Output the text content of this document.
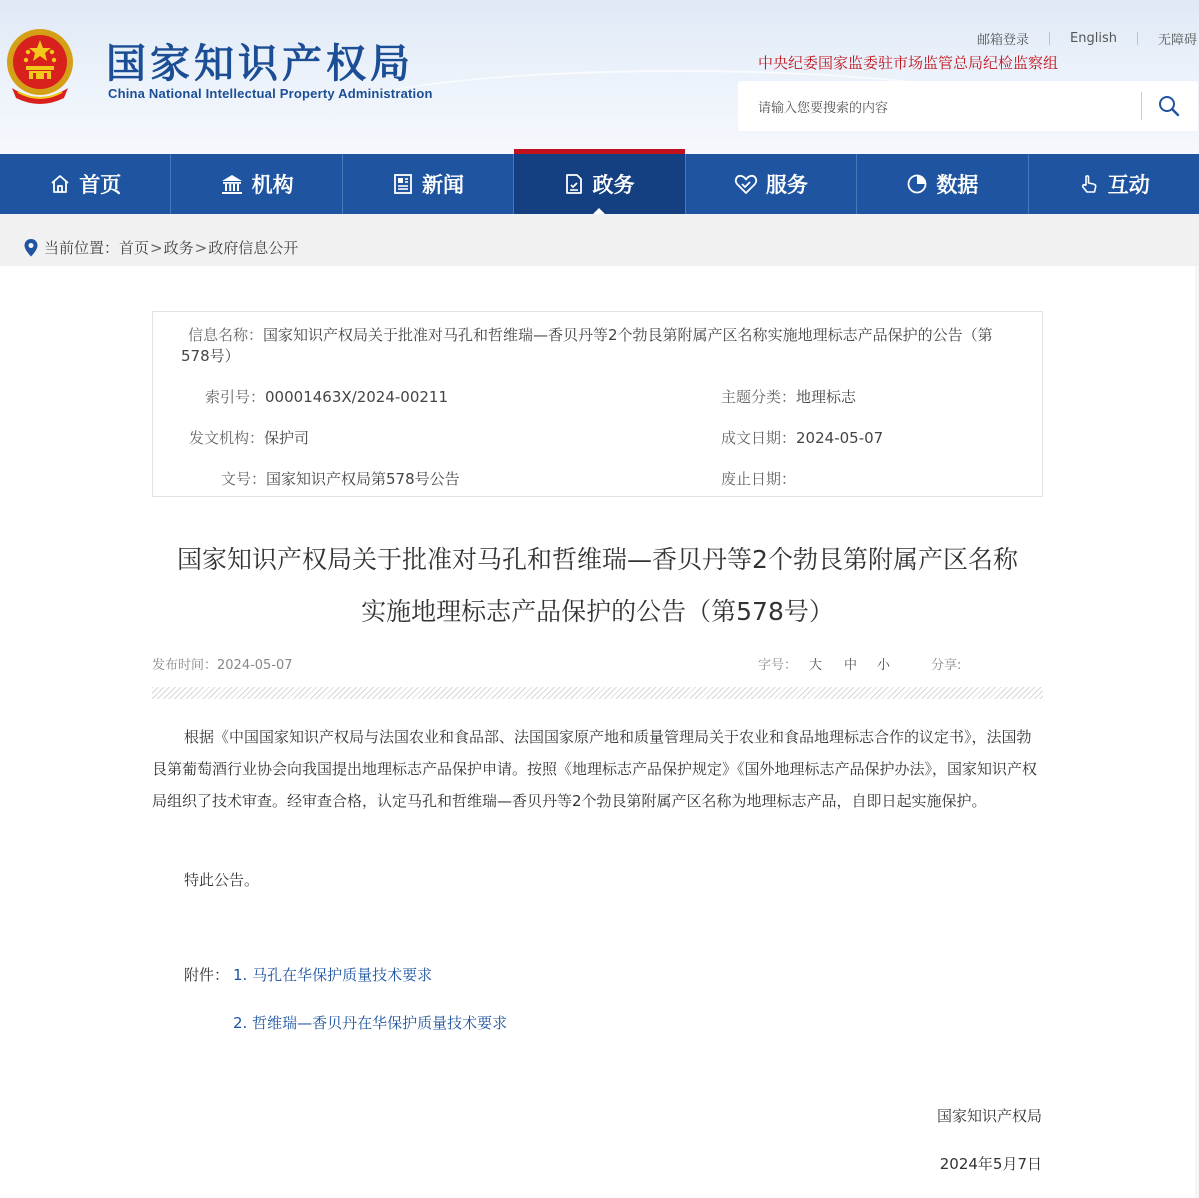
国家知识产权局
China National Intellectual Property Administration
邮箱登录	English	无障碍
中央纪委国家监委驻市场监管总局纪检监察组
请输入您要搜索的内容
首页	机构	新闻	政务	服务	数据	互动
当前位置： 首页 > 政务 > 政府信息公开
信息名称：国家知识产权局关于批准对马孔和哲维瑞—香贝丹等2个勃艮第附属产区名称实施地理标志产品保护的公告（第578号）
索引号：00001463X/2024-00211	主题分类：地理标志
发文机构：保护司	成文日期：2024-05-07
文号：国家知识产权局第578号公告	废止日期：
国家知识产权局关于批准对马孔和哲维瑞—香贝丹等2个勃艮第附属产区名称
实施地理标志产品保护的公告（第578号）
发布时间：2024-05-07	字号： 大 中 小	分享:
根据《中国国家知识产权局与法国农业和食品部、法国国家原产地和质量管理局关于农业和食品地理标志合作的议定书》，法国勃艮第葡萄酒行业协会向我国提出地理标志产品保护申请。按照《地理标志产品保护规定》《国外地理标志产品保护办法》，国家知识产权局组织了技术审查。经审查合格，认定马孔和哲维瑞—香贝丹等2个勃艮第附属产区名称为地理标志产品，自即日起实施保护。
特此公告。
附件： 1. 马孔在华保护质量技术要求
2. 哲维瑞—香贝丹在华保护质量技术要求
国家知识产权局
2024年5月7日
